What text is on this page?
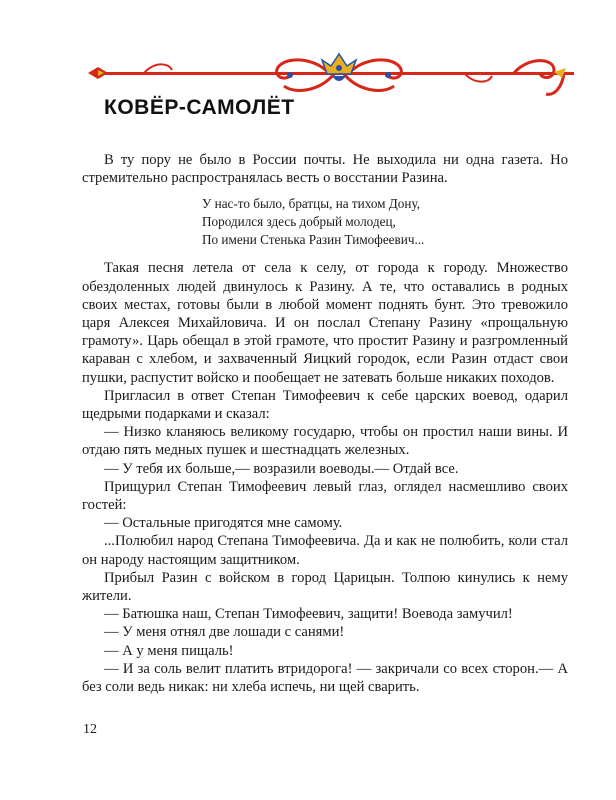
КОВЁР-САМОЛЁТ

В ту пору не было в России почты. Не выходила ни одна газета. Но стремительно распространялась весть о восстании Разина.

У нас-то было, братцы, на тихом Дону,
Породился здесь добрый молодец,
По имени Стенька Разин Тимофеевич...

Такая песня летела от села к селу, от города к городу. Множество обездоленных людей двинулось к Разину. А те, что оставались в родных своих местах, готовы были в любой момент поднять бунт. Это тревожило царя Алексея Михайловича. И он послал Степану Разину «прощальную грамоту». Царь обещал в этой грамоте, что простит Разину и разгромленный караван с хлебом, и захваченный Яицкий городок, если Разин отдаст свои пушки, распустит войско и пообещает не затевать больше никаких походов.

Пригласил в ответ Степан Тимофеевич к себе царских воевод, одарил щедрыми подарками и сказал:

— Низко кланяюсь великому государю, чтобы он простил наши вины. И отдаю пять медных пушек и шестнадцать железных.

— У тебя их больше,— возразили воеводы.— Отдай все.

Прищурил Степан Тимофеевич левый глаз, оглядел насмешливо своих гостей:

— Остальные пригодятся мне самому.

...Полюбил народ Степана Тимофеевича. Да и как не полюбить, коли стал он народу настоящим защитником.

Прибыл Разин с войском в город Царицын. Толпою кинулись к нему жители.

— Батюшка наш, Степан Тимофеевич, защити! Воевода замучил!

— У меня отнял две лошади с санями!

— А у меня пищаль!

— И за соль велит платить втридорога! — закричали со всех сторон.— А без соли ведь никак: ни хлеба испечь, ни щей сварить.

12
